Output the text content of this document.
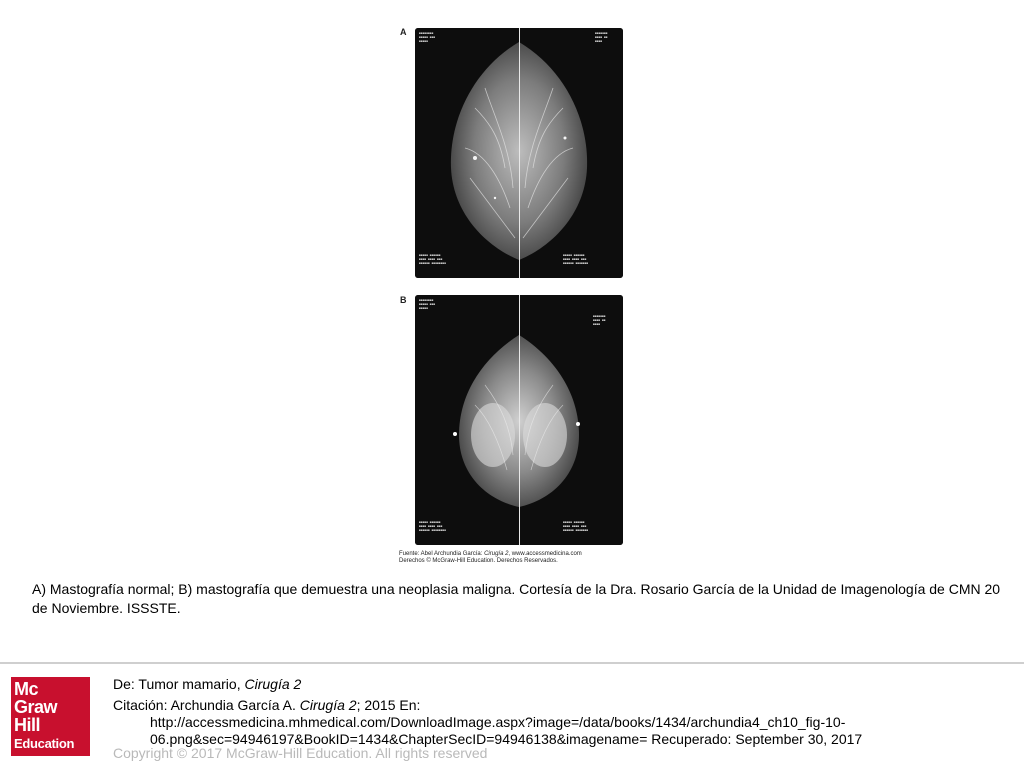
A	■■■■■■■■
■■■■■ ■■■
■■■■■
■■■■■■■
■■■■ ■■
■■■■
■■■■■ ■■■■■■
■■■■ ■■■■ ■■■
■■■■■■ ■■■■■■■■
■■■■■ ■■■■■■
■■■■ ■■■■ ■■■
■■■■■■ ■■■■■■■
B	■■■■■■■■
■■■■■ ■■■
■■■■■
■■■■■■■
■■■■ ■■
■■■■
■■■■■ ■■■■■■
■■■■ ■■■■ ■■■
■■■■■■ ■■■■■■■■
■■■■■ ■■■■■■
■■■■ ■■■■ ■■■
■■■■■■ ■■■■■■■
Fuente: Abel Archundia García: Cirugía 2, www.accessmedicina.com
Derechos © McGraw-Hill Education. Derechos Reservados.
A) Mastografía normal; B) mastografía que demuestra una neoplasia maligna. Cortesía de la Dra. Rosario García de la Unidad de Imagenología de CMN 20 de Noviembre. ISSSTE.
Mc
Graw
Hill
Education
De: Tumor mamario, Cirugía 2
Citación: Archundia García A. Cirugía 2; 2015 En:
http://accessmedicina.mhmedical.com/DownloadImage.aspx?image=/data/books/1434/archundia4_ch10_fig-10-06.png&sec=94946197&BookID=1434&ChapterSecID=94946138&imagename= Recuperado: September 30, 2017
Copyright © 2017 McGraw-Hill Education. All rights reserved
